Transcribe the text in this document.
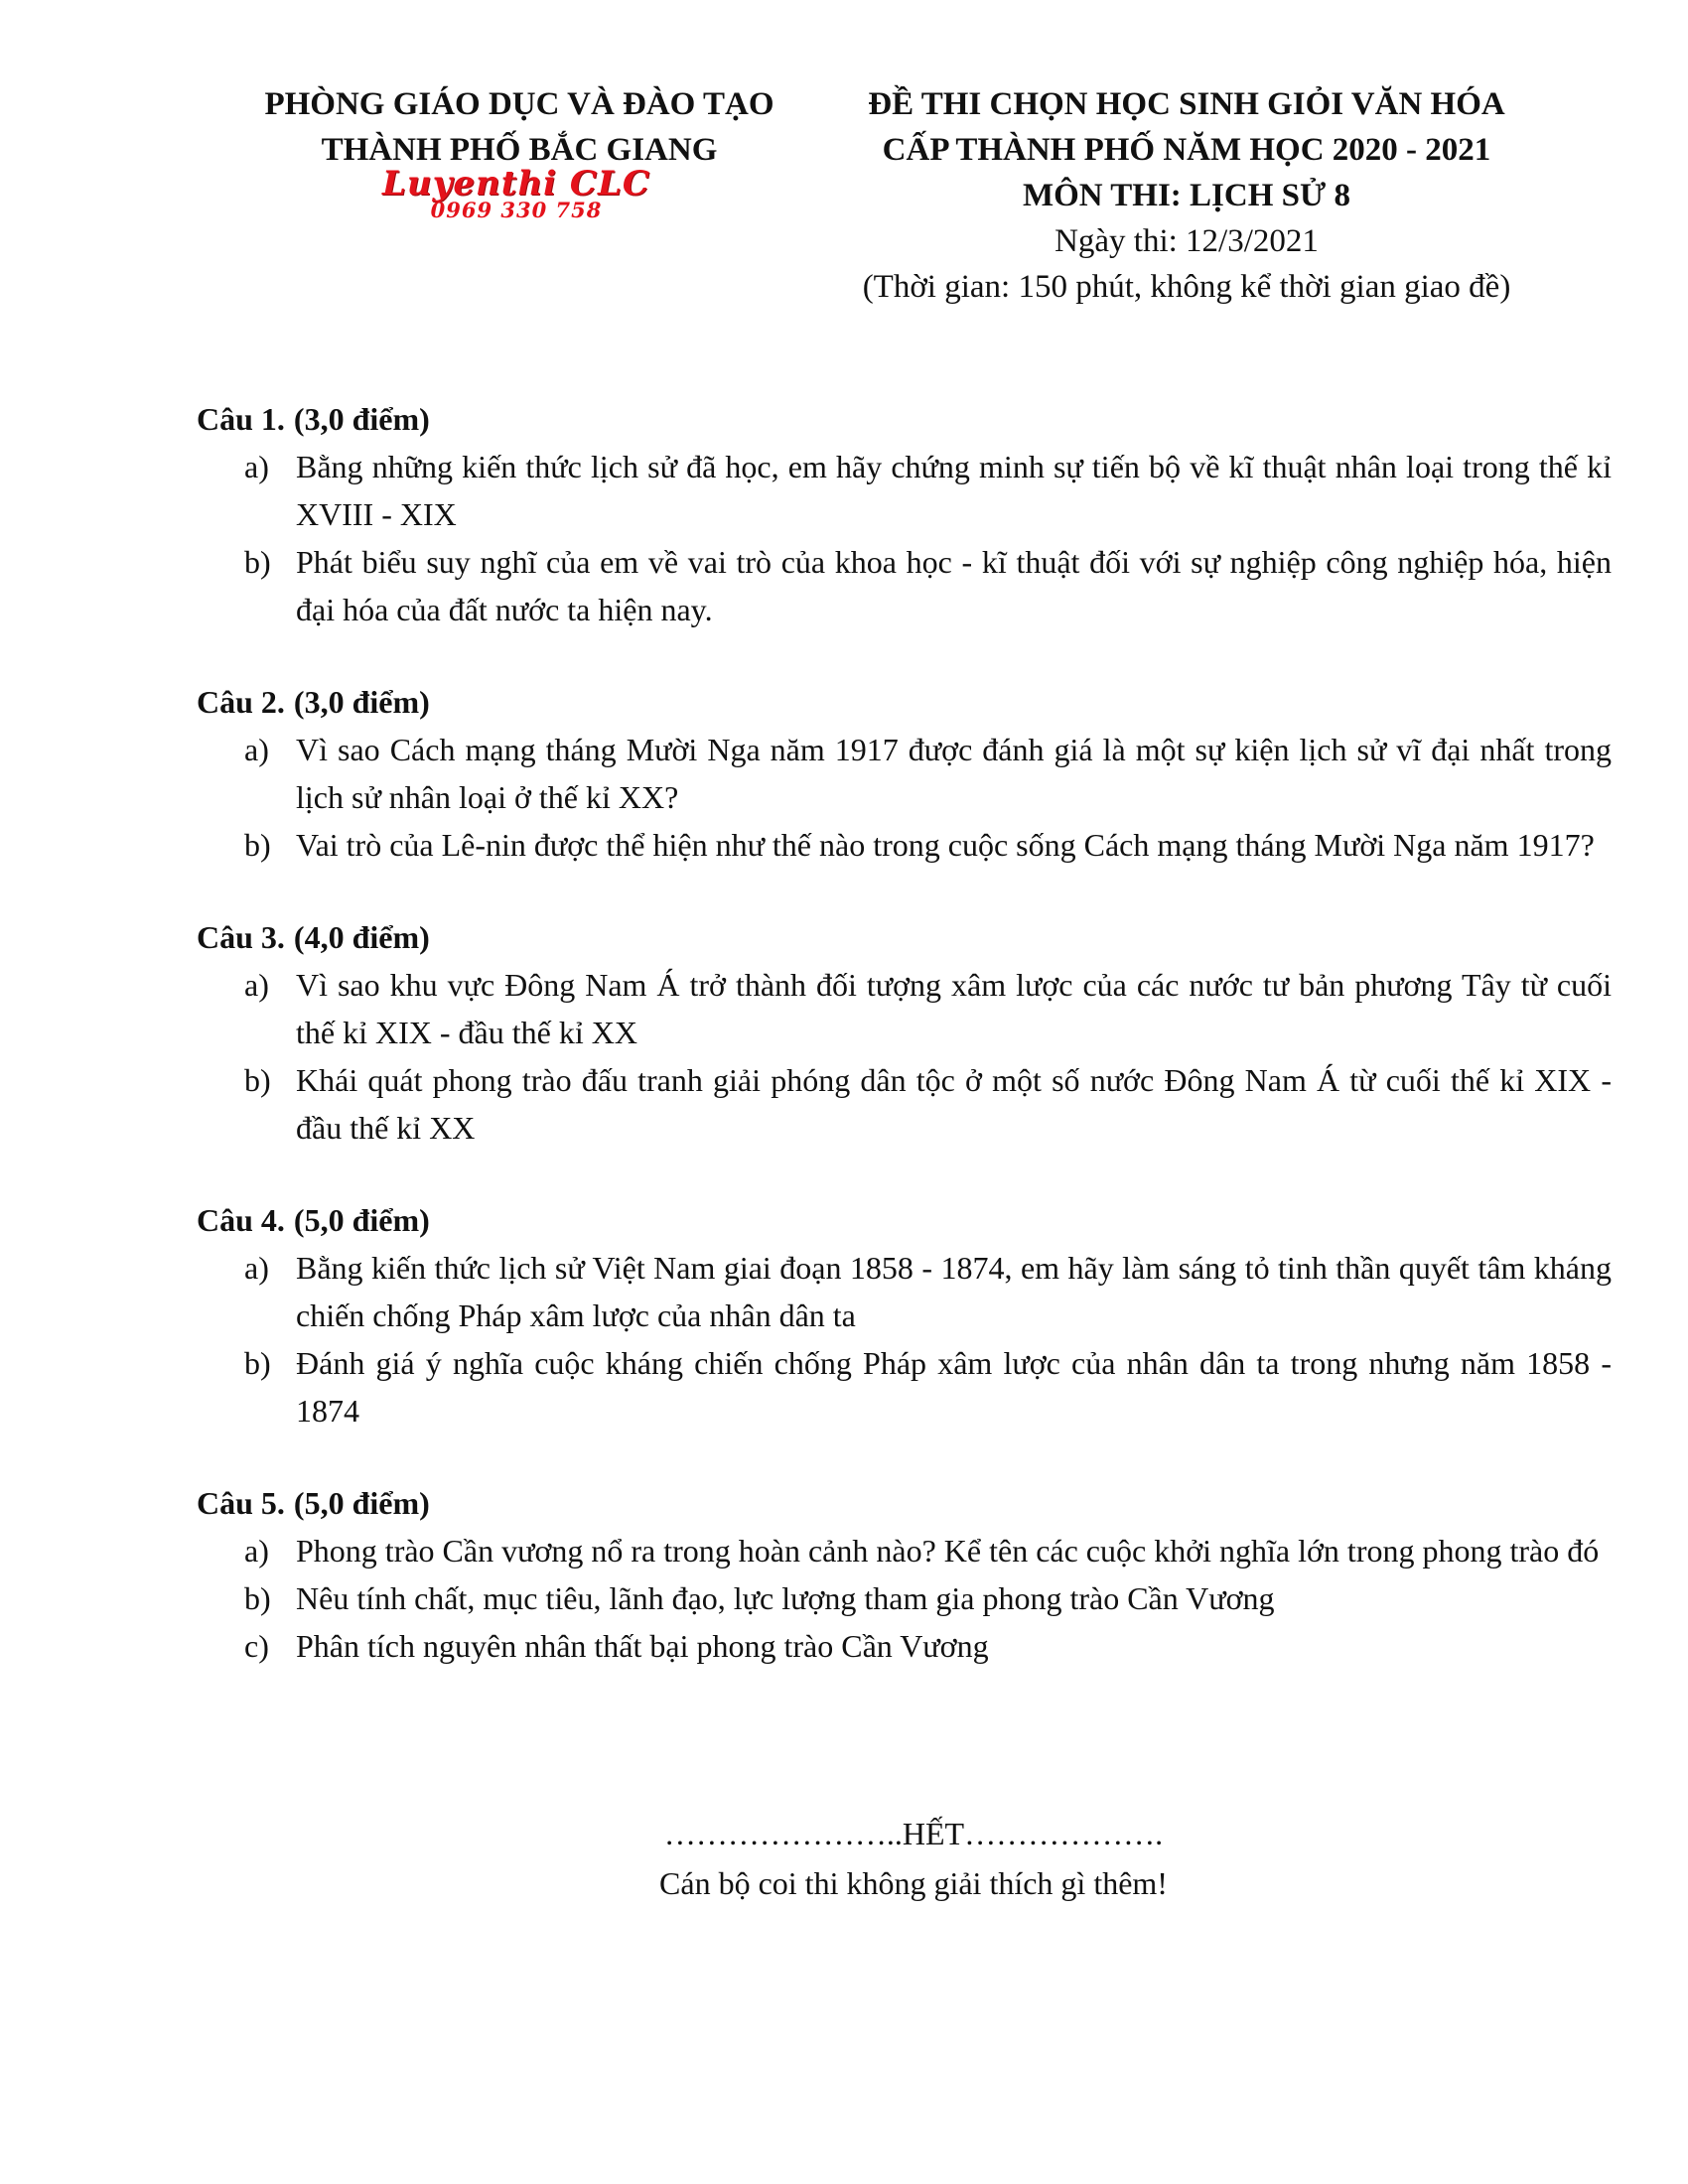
PHÒNG GIÁO DỤC VÀ ĐÀO TẠO
THÀNH PHỐ BẮC GIANG
Luyenthi CLC
0969 330 758
ĐỀ THI CHỌN HỌC SINH GIỎI VĂN HÓA
CẤP THÀNH PHỐ NĂM HỌC 2020 - 2021
MÔN THI: LỊCH SỬ 8
Ngày thi: 12/3/2021
(Thời gian: 150 phút, không kể thời gian giao đề)
Câu 1. (3,0 điểm)
a) Bằng những kiến thức lịch sử đã học, em hãy chứng minh sự tiến bộ về kĩ thuật nhân loại trong thế kỉ XVIII - XIX
b) Phát biểu suy nghĩ của em về vai trò của khoa học - kĩ thuật đối với sự nghiệp công nghiệp hóa, hiện đại hóa của đất nước ta hiện nay.
Câu 2. (3,0 điểm)
a) Vì sao Cách mạng tháng Mười Nga năm 1917 được đánh giá là một sự kiện lịch sử vĩ đại nhất trong lịch sử nhân loại ở thế kỉ XX?
b) Vai trò của Lê-nin được thể hiện như thế nào trong cuộc sống Cách mạng tháng Mười Nga năm 1917?
Câu 3. (4,0 điểm)
a) Vì sao khu vực Đông Nam Á trở thành đối tượng xâm lược của các nước tư bản phương Tây từ cuối thế kỉ XIX - đầu thế kỉ XX
b) Khái quát phong trào đấu tranh giải phóng dân tộc ở một số nước Đông Nam Á từ cuối thế kỉ XIX - đầu thế kỉ XX
Câu 4. (5,0 điểm)
a) Bằng kiến thức lịch sử Việt Nam giai đoạn 1858 - 1874, em hãy làm sáng tỏ tinh thần quyết tâm kháng chiến chống Pháp xâm lược của nhân dân ta
b) Đánh giá ý nghĩa cuộc kháng chiến chống Pháp xâm lược của nhân dân ta trong nhưng năm 1858 - 1874
Câu 5. (5,0 điểm)
a) Phong trào Cần vương nổ ra trong hoàn cảnh nào? Kể tên các cuộc khởi nghĩa lớn trong phong trào đó
b) Nêu tính chất, mục tiêu, lãnh đạo, lực lượng tham gia phong trào Cần Vương
c) Phân tích nguyên nhân thất bại phong trào Cần Vương
…………………..HẾT……………….
Cán bộ coi thi không giải thích gì thêm!
